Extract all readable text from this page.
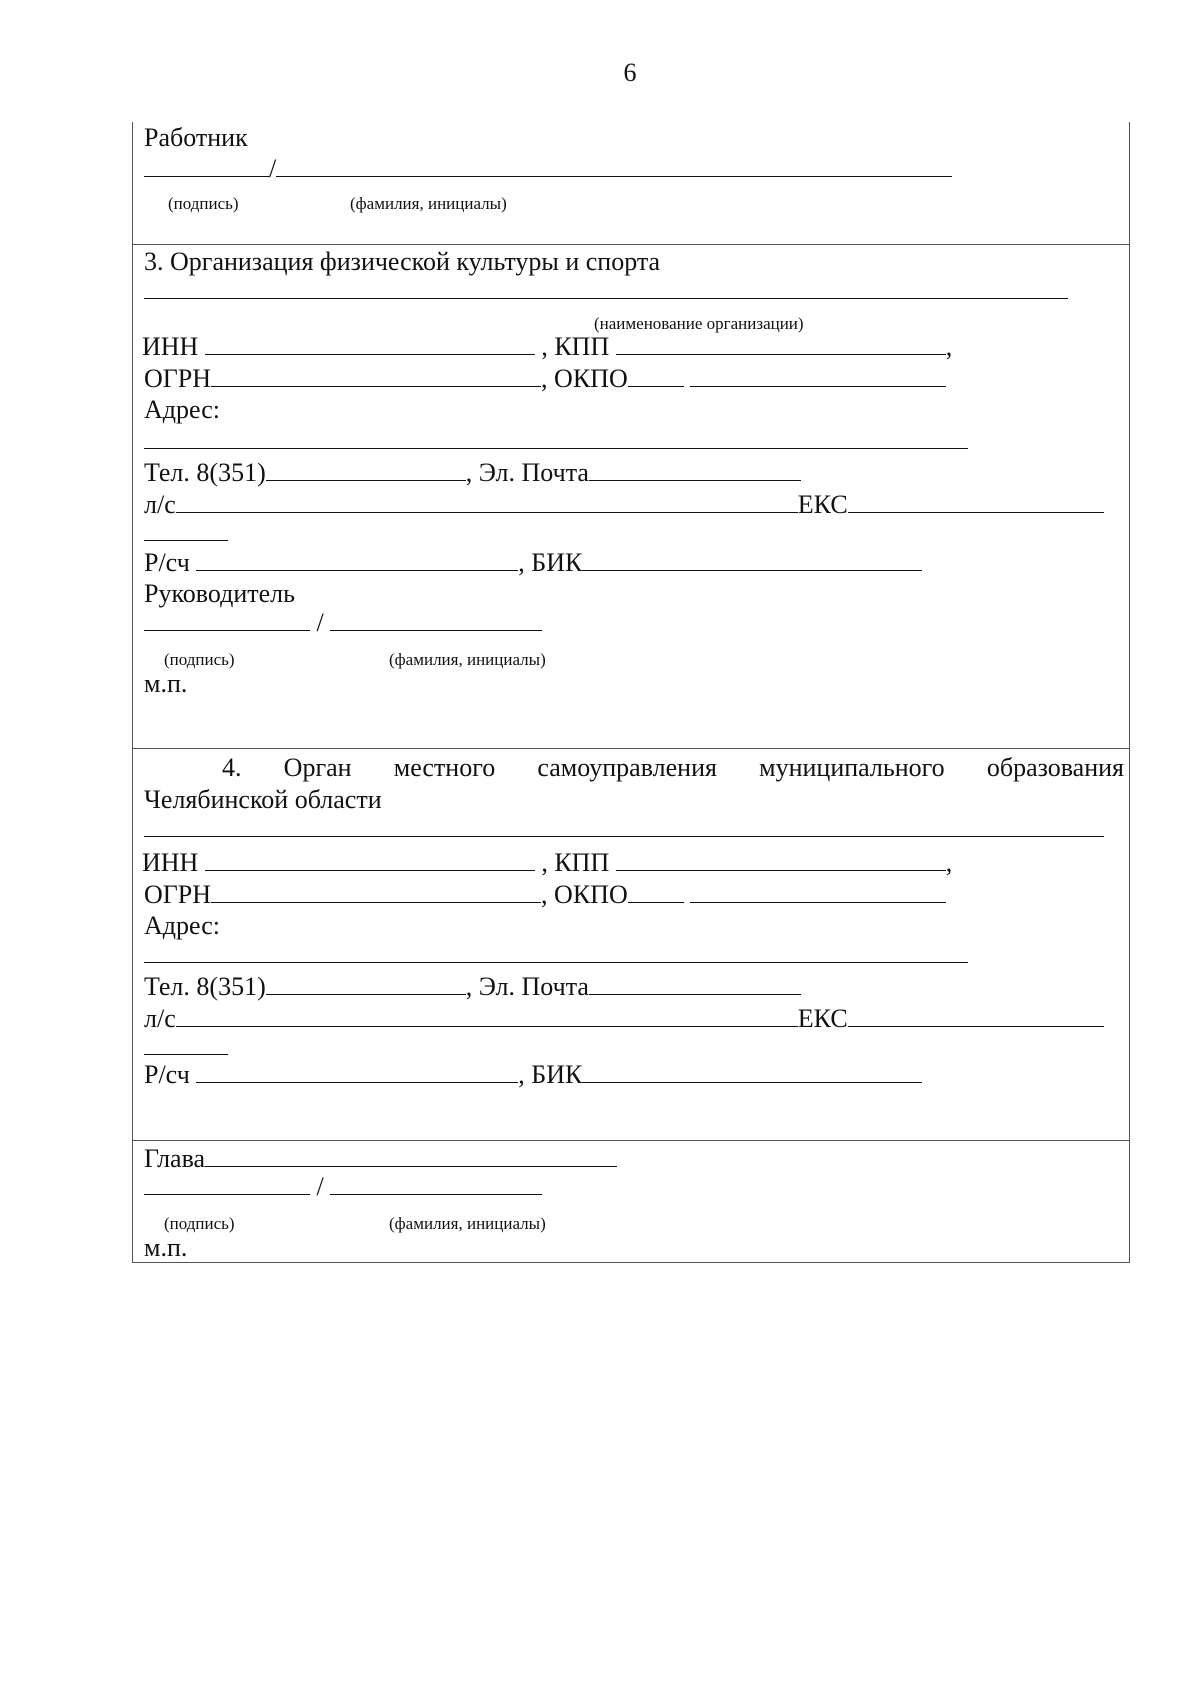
6
Работник
/
(подпись)	(фамилия, инициалы)
3. Организация физической культуры и спорта
(наименование организации)
ИНН	, КПП	,
ОГРН	, ОКПО
Адрес:
Тел. 8(351)	, Эл. Почта
л/с	ЕКС
Р/сч	, БИК
Руководитель
/
(подпись)	(фамилия, инициалы)
м.п.
4. Орган местного самоуправления муниципального образования
Челябинской области
ИНН	, КПП	,
ОГРН	, ОКПО
Адрес:
Тел. 8(351)	, Эл. Почта
л/с	ЕКС
Р/сч	, БИК
Глава
/
(подпись)	(фамилия, инициалы)
м.п.
